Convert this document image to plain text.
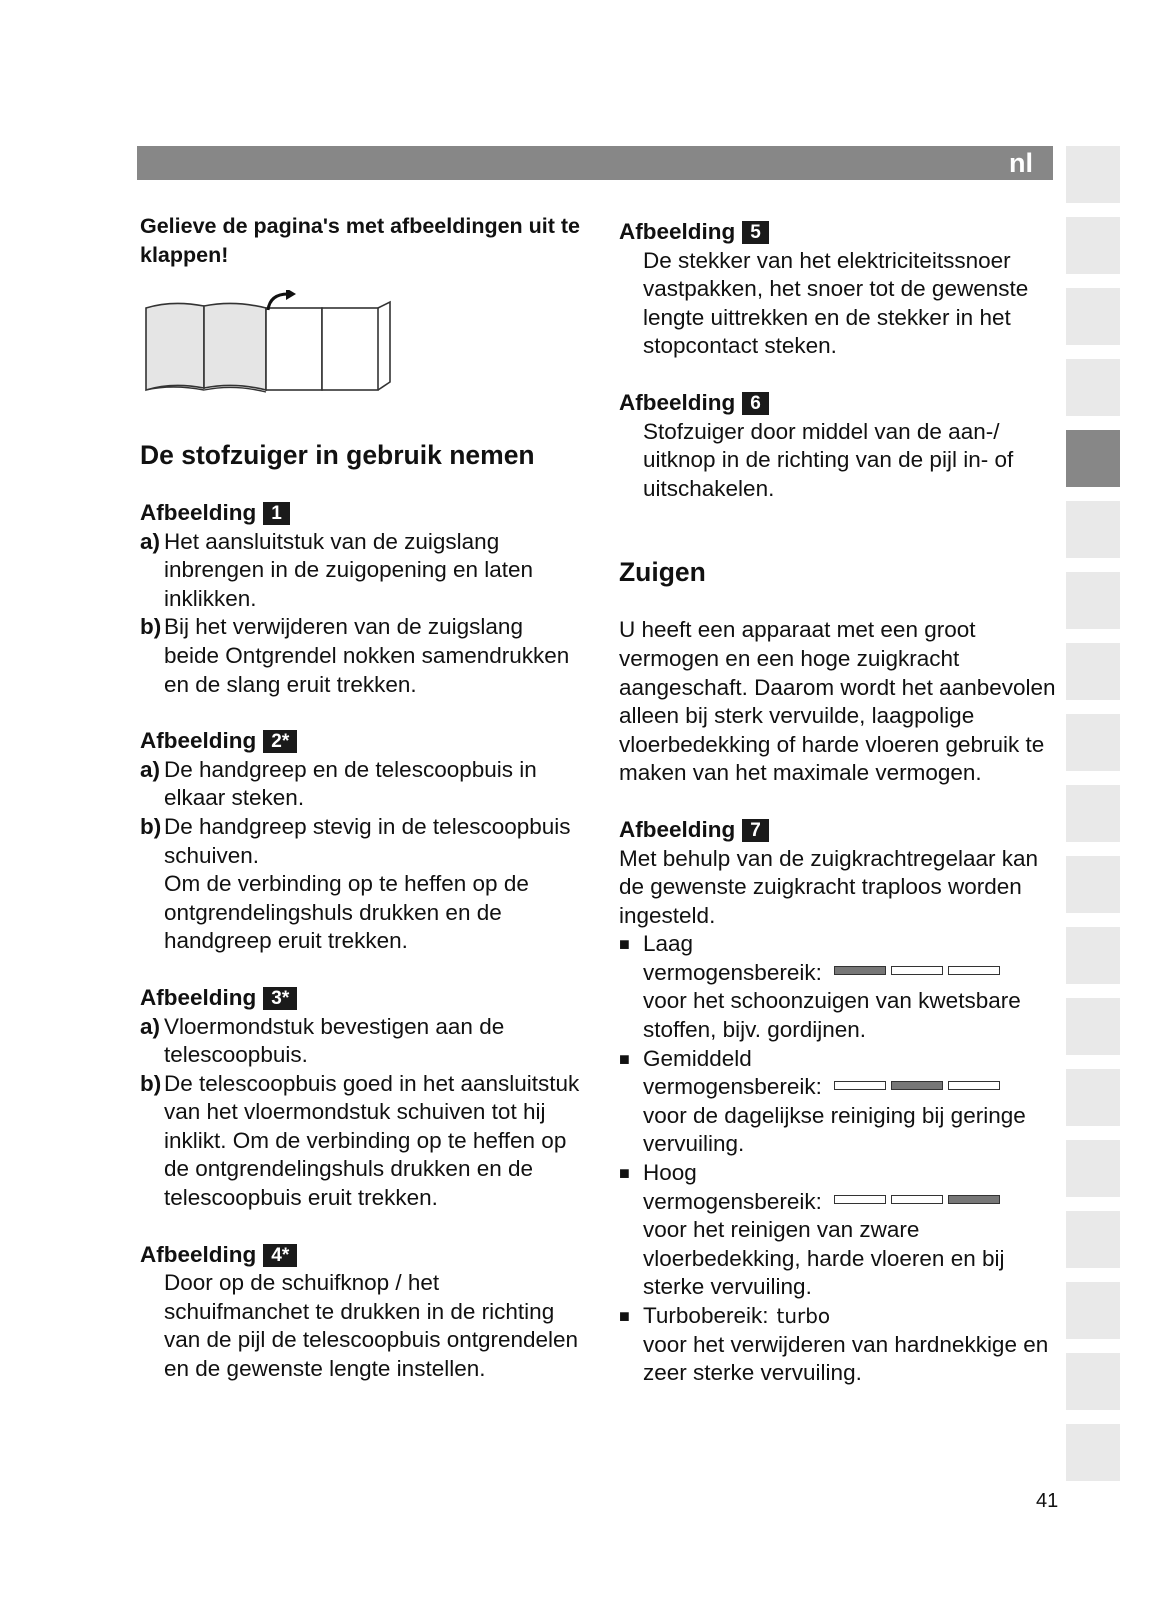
nl
Gelieve de pagina's met afbeeldingen uit te klappen!
De stofzuiger in gebruik nemen
Afbeelding 1
a) Het aansluitstuk van de zuigslang inbrengen in de zuigopening en laten inklikken.
b) Bij het verwijderen van de zuigslang beide Ontgrendel nokken samendrukken en de slang eruit trekken.
Afbeelding 2*
a) De handgreep en de telescoopbuis in elkaar steken.
b) De handgreep stevig in de telescoopbuis schuiven.
Om de verbinding op te heffen op de ontgrendelingshuls drukken en de handgreep eruit trekken.
Afbeelding 3*
a) Vloermondstuk bevestigen aan de telescoopbuis.
b) De telescoopbuis goed in het aansluitstuk van het vloermondstuk schuiven tot hij inklikt. Om de verbinding op te heffen op de ontgrendelingshuls drukken en de telescoopbuis eruit trekken.
Afbeelding 4*
Door op de schuifknop / het schuifmanchet te drukken in de richting van de pijl de telescoopbuis ontgrendelen en de gewenste lengte instellen.
Afbeelding 5
De stekker van het elektriciteitssnoer vastpakken, het snoer tot de gewenste lengte uittrekken en de stekker in het stopcontact steken.
Afbeelding 6
Stofzuiger door middel van de aan-/ uitknop in de richting van de pijl in- of uitschakelen.
Zuigen
U heeft een apparaat met een groot vermogen en een hoge zuigkracht aangeschaft. Daarom wordt het aanbevolen alleen bij sterk vervuilde, laagpolige vloerbedekking of harde vloeren gebruik te maken van het maximale vermogen.
Afbeelding 7
Met behulp van de zuigkrachtregelaar kan de gewenste zuigkracht traploos worden ingesteld.
■ Laag
vermogensbereik:
voor het schoonzuigen van kwetsbare stoffen, bijv. gordijnen.
■ Gemiddeld
vermogensbereik:
voor de dagelijkse reiniging bij geringe vervuiling.
■ Hoog
vermogensbereik:
voor het reinigen van zware vloerbedekking, harde vloeren en bij sterke vervuiling.
■ Turbobereik: turbo
voor het verwijderen van hardnekkige en zeer sterke vervuiling.
41
